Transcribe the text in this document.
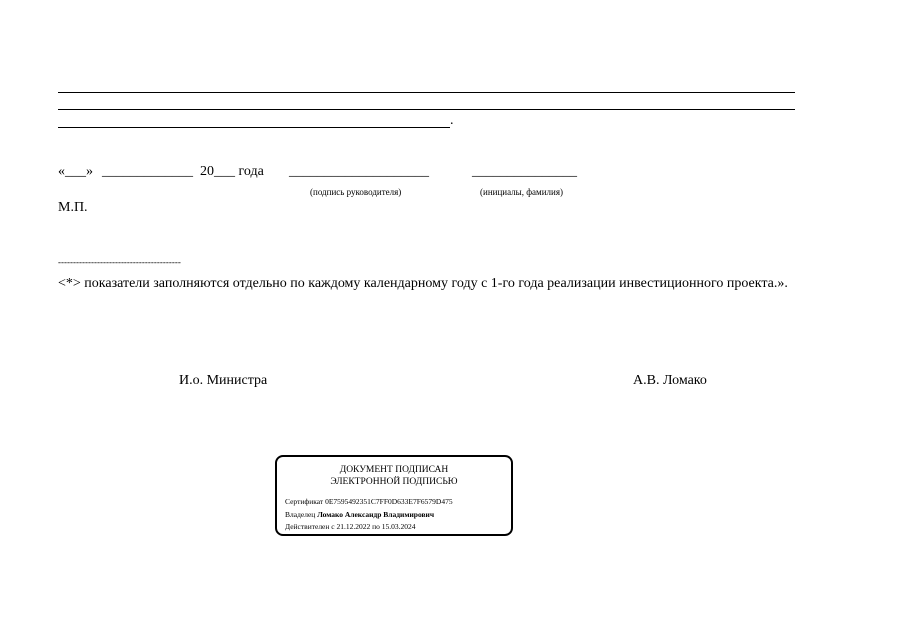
.
«___» _____________ 20___ года ____________________	_______________
(подпись руководителя)	(инициалы, фамилия)
М.П.
-----------------------------------------
<*> показатели заполняются отдельно по каждому календарному году с 1-го года реализации инвестиционного проекта.».
И.о. Министра	А.В. Ломако
ДОКУМЕНТ ПОДПИСАН
ЭЛЕКТРОННОЙ ПОДПИСЬЮ
Сертификат 0E7595492351C7FF0D633E7F6579D475
Владелец Ломако Александр Владимирович
Действителен с 21.12.2022 по 15.03.2024
